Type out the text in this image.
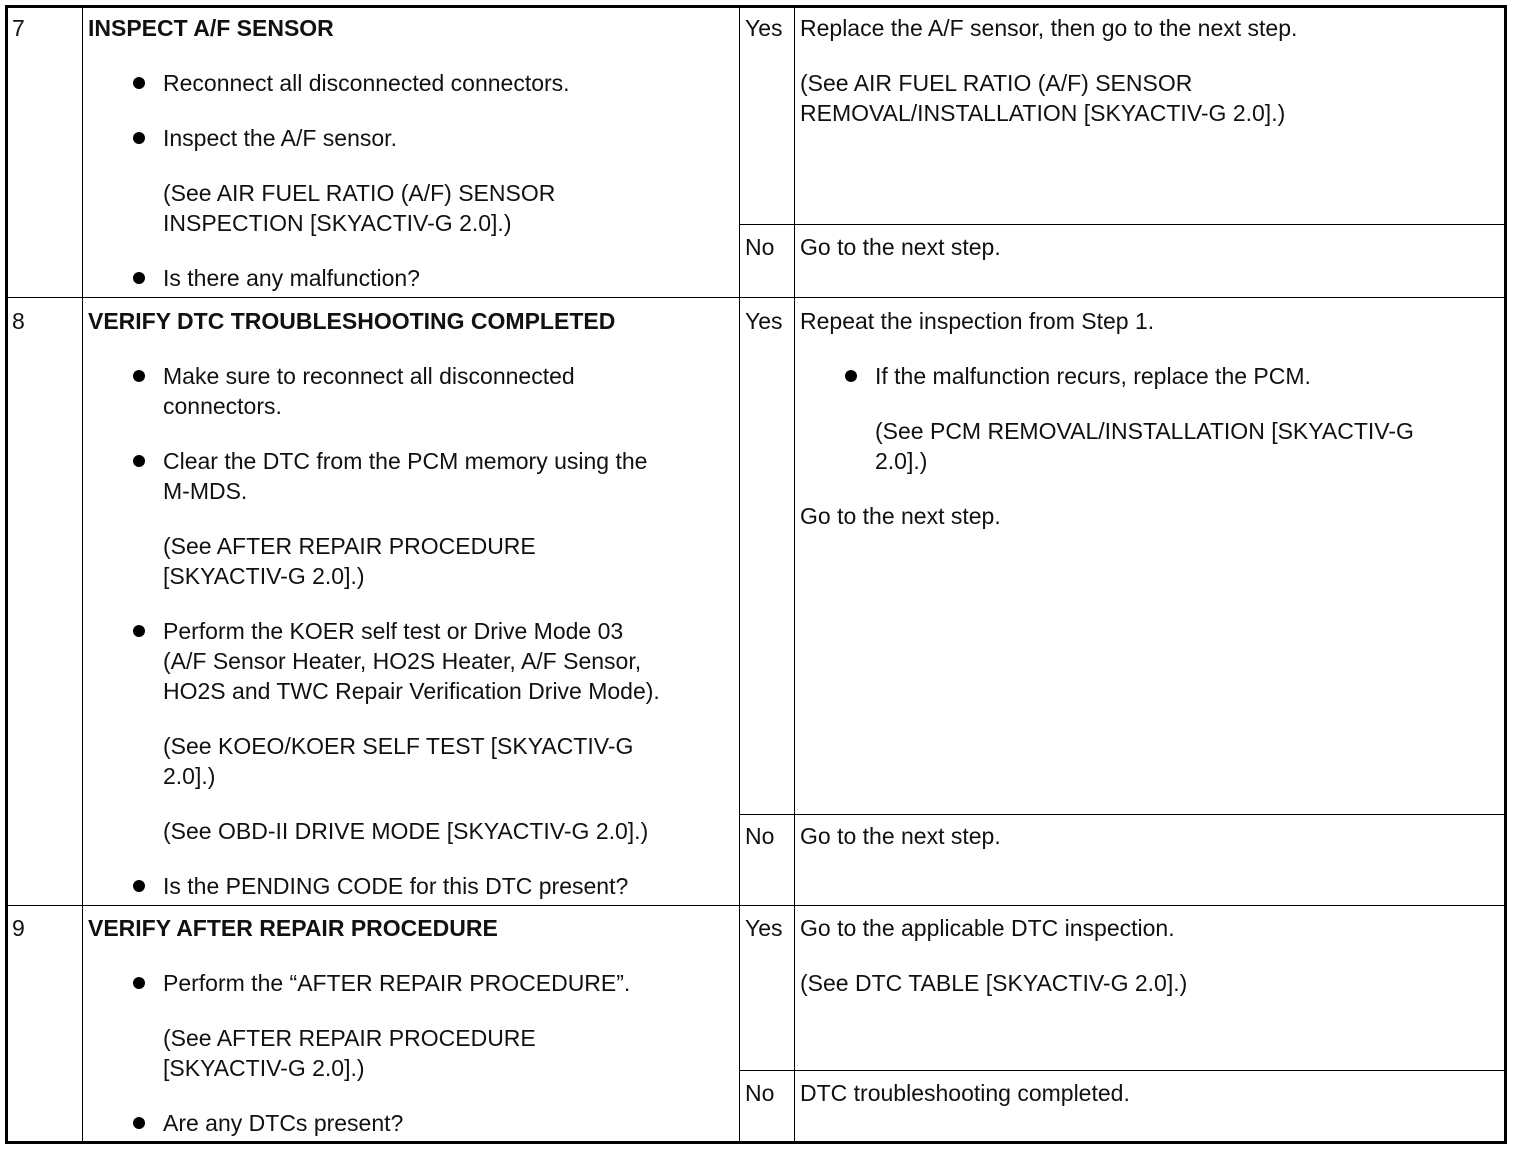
7	INSPECT A/F SENSOR
Reconnect all disconnected connectors.
Inspect the A/F sensor.
(See AIR FUEL RATIO (A/F) SENSOR
INSPECTION [SKYACTIV-G 2.0].)
Is there any malfunction?
Yes Replace the A/F sensor, then go to the next step.
(See AIR FUEL RATIO (A/F) SENSOR
REMOVAL/INSTALLATION [SKYACTIV-G 2.0].)
No Go to the next step.
8	VERIFY DTC TROUBLESHOOTING COMPLETED
Make sure to reconnect all disconnected
connectors.
Clear the DTC from the PCM memory using the
M-MDS.
(See AFTER REPAIR PROCEDURE
[SKYACTIV-G 2.0].)
Perform the KOER self test or Drive Mode 03
(A/F Sensor Heater, HO2S Heater, A/F Sensor,
HO2S and TWC Repair Verification Drive Mode).
(See KOEO/KOER SELF TEST [SKYACTIV-G
2.0].)
(See OBD-II DRIVE MODE [SKYACTIV-G 2.0].)
Is the PENDING CODE for this DTC present?
Yes Repeat the inspection from Step 1.
If the malfunction recurs, replace the PCM.
(See PCM REMOVAL/INSTALLATION [SKYACTIV-G
2.0].)
Go to the next step.
No Go to the next step.
9	VERIFY AFTER REPAIR PROCEDURE
Perform the “AFTER REPAIR PROCEDURE”.
(See AFTER REPAIR PROCEDURE
[SKYACTIV-G 2.0].)
Are any DTCs present?
Yes Go to the applicable DTC inspection.
(See DTC TABLE [SKYACTIV-G 2.0].)
No DTC troubleshooting completed.
